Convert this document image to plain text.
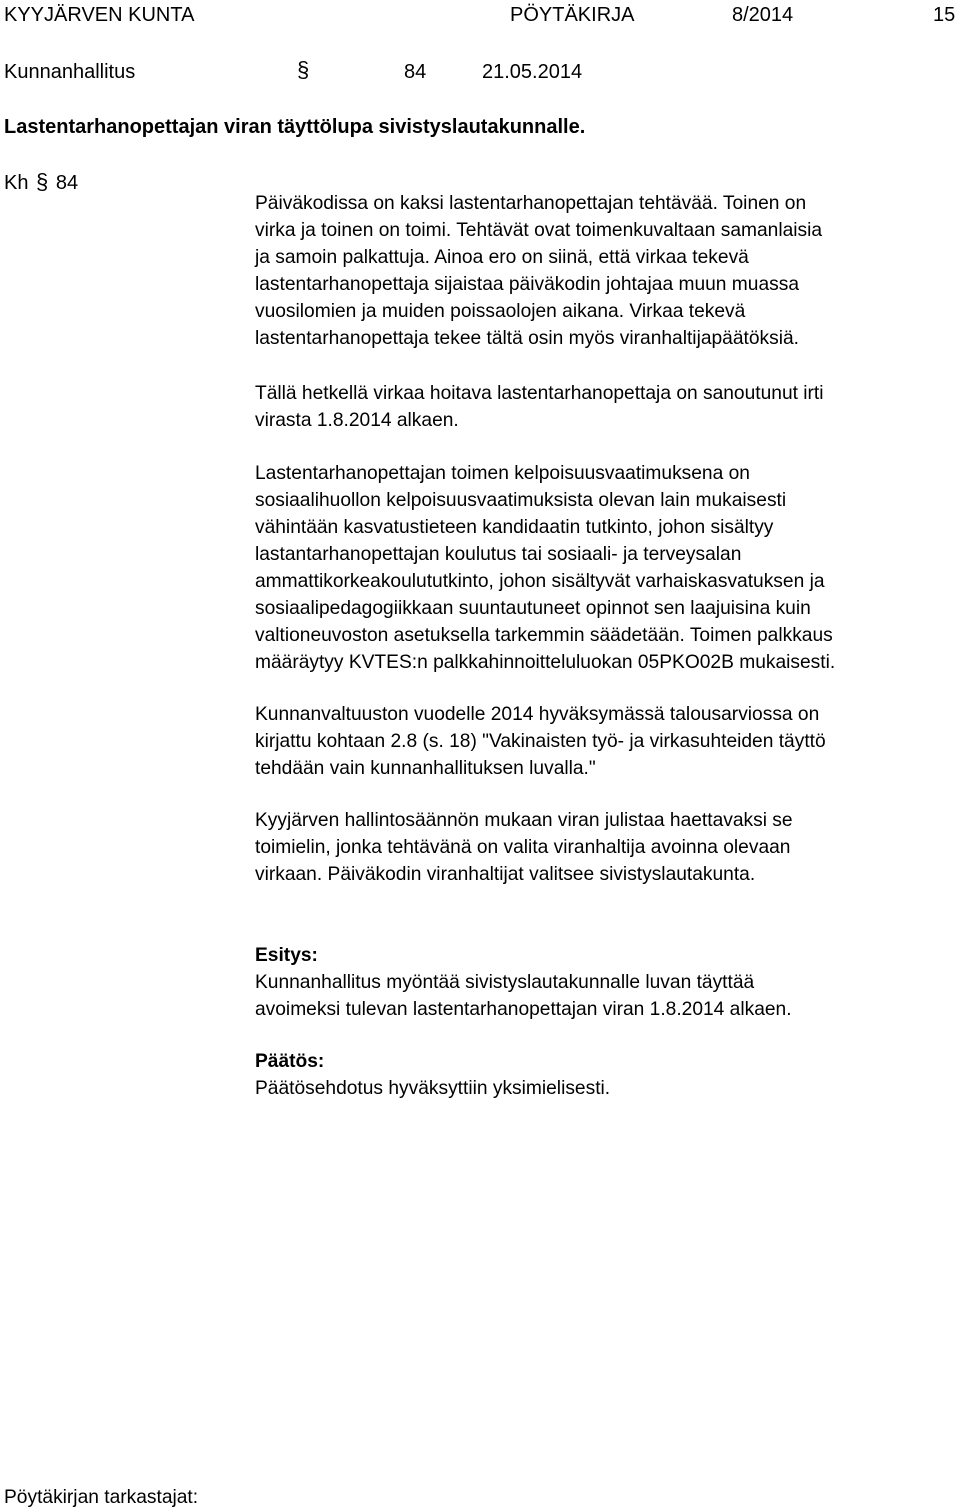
KYYJÄRVEN KUNTA	PÖYTÄKIRJA	8/2014	15
Kunnanhallitus	§	84	21.05.2014
Lastentarhanopettajan viran täyttölupa sivistyslautakunnalle.
Kh § 84
Päiväkodissa on kaksi lastentarhanopettajan tehtävää. Toinen on
virka ja toinen on toimi. Tehtävät ovat toimenkuvaltaan samanlaisia
ja samoin palkattuja. Ainoa ero on siinä, että virkaa tekevä
lastentarhanopettaja sijaistaa päiväkodin johtajaa muun muassa
vuosilomien ja muiden poissaolojen aikana. Virkaa tekevä
lastentarhanopettaja tekee tältä osin myös viranhaltijapäätöksiä.
Tällä hetkellä virkaa hoitava lastentarhanopettaja on sanoutunut irti
virasta 1.8.2014 alkaen.
Lastentarhanopettajan toimen kelpoisuusvaatimuksena on
sosiaalihuollon kelpoisuusvaatimuksista olevan lain mukaisesti
vähintään kasvatustieteen kandidaatin tutkinto, johon sisältyy
lastantarhanopettajan koulutus tai sosiaali- ja terveysalan
ammattikorkeakoulututkinto, johon sisältyvät varhaiskasvatuksen ja
sosiaalipedagogiikkaan suuntautuneet opinnot sen laajuisina kuin
valtioneuvoston asetuksella tarkemmin säädetään. Toimen palkkaus
määräytyy KVTES:n palkkahinnoitteluluokan 05PKO02B mukaisesti.
Kunnanvaltuuston vuodelle 2014 hyväksymässä talousarviossa on
kirjattu kohtaan 2.8 (s. 18) "Vakinaisten työ- ja virkasuhteiden täyttö
tehdään vain kunnanhallituksen luvalla."
Kyyjärven hallintosäännön mukaan viran julistaa haettavaksi se
toimielin, jonka tehtävänä on valita viranhaltija avoinna olevaan
virkaan. Päiväkodin viranhaltijat valitsee sivistyslautakunta.
Esitys:
Kunnanhallitus myöntää sivistyslautakunnalle luvan täyttää
avoimeksi tulevan lastentarhanopettajan viran 1.8.2014 alkaen.
Päätös:
Päätösehdotus hyväksyttiin yksimielisesti.
Pöytäkirjan tarkastajat:
